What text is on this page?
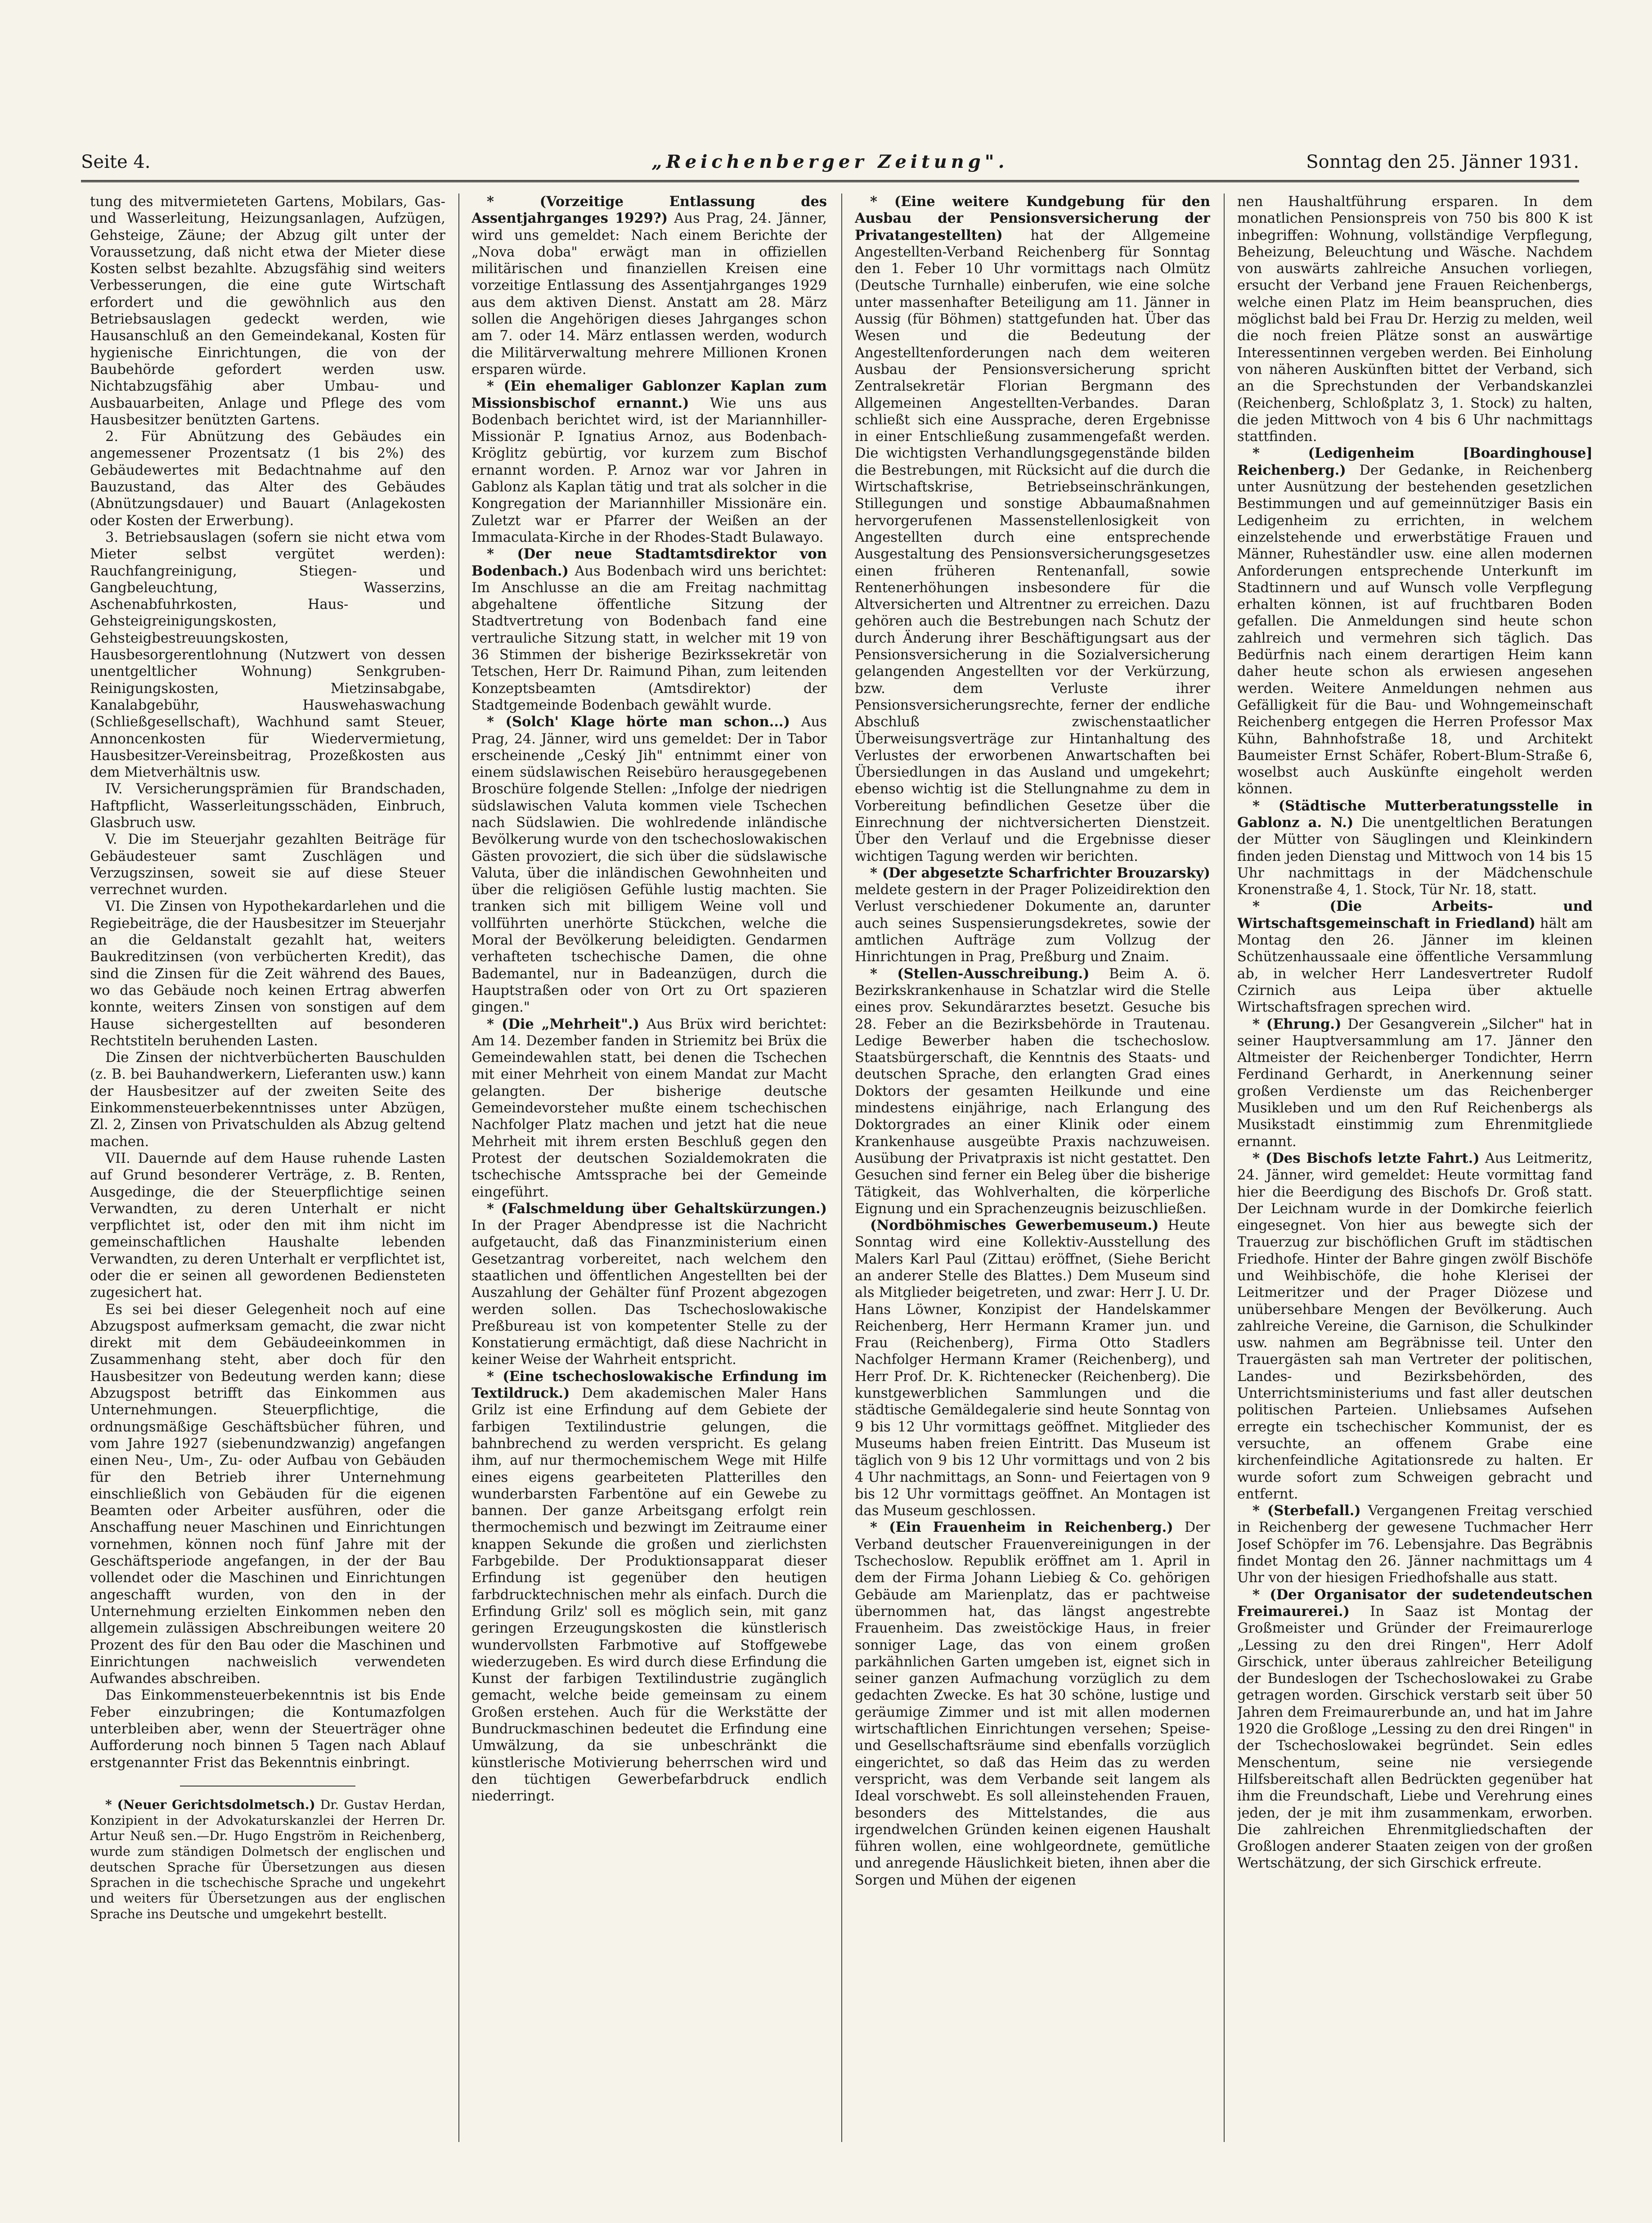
Seite 4.	„Reichenberger Zeitung".	Sonntag den 25. Jänner 1931.

tung des mitvermieteten Gartens, Mobilars, Gas- und Wasserleitung, Heizungsanlagen, Aufzügen, Gehsteige, Zäune; der Abzug gilt unter der Voraussetzung, daß nicht etwa der Mieter diese Kosten selbst bezahlte. Abzugsfähig sind weiters Verbesserungen, die eine gute Wirtschaft erfordert und die gewöhnlich aus den Betriebsauslagen gedeckt werden, wie Hausanschluß an den Gemeindekanal, Kosten für hygienische Einrichtungen, die von der Baubehörde gefordert werden usw. Nichtabzugsfähig aber Umbau- und Ausbauarbeiten, Anlage und Pflege des vom Hausbesitzer benützten Gartens.

2. Für Abnützung des Gebäudes ein angemessener Prozentsatz (1 bis 2%) des Gebäudewertes mit Bedachtnahme auf den Bauzustand, das Alter des Gebäudes (Abnützungsdauer) und Bauart (Anlagekosten oder Kosten der Erwerbung).

3. Betriebsauslagen (sofern sie nicht etwa vom Mieter selbst vergütet werden): Rauchfangreinigung, Stiegen- und Gangbeleuchtung, Wasserzins, Aschenabfuhrkosten, Haus- und Gehsteigreinigungskosten, Gehsteigbestreuungskosten, Hausbesorgerentlohnung (Nutzwert von dessen unentgeltlicher Wohnung) Senkgruben-Reinigungskosten, Mietzinsabgabe, Kanalabgebühr, Hauswehaswachung (Schließgesellschaft), Wachhund samt Steuer, Annoncenkosten für Wiedervermietung, Hausbesitzer-Vereinsbeitrag, Prozeßkosten aus dem Mietverhältnis usw.

IV. Versicherungsprämien für Brandschaden, Haftpflicht, Wasserleitungsschäden, Einbruch, Glasbruch usw.

V. Die im Steuerjahr gezahlten Beiträge für Gebäudesteuer samt Zuschlägen und Verzugszinsen, soweit sie auf diese Steuer verrechnet wurden.

VI. Die Zinsen von Hypothekardarlehen und die Regiebeiträge, die der Hausbesitzer im Steuerjahr an die Geldanstalt gezahlt hat, weiters Baukreditzinsen (von verbücherten Kredit), das sind die Zinsen für die Zeit während des Baues, wo das Gebäude noch keinen Ertrag abwerfen konnte, weiters Zinsen von sonstigen auf dem Hause sichergestellten auf besonderen Rechtstiteln beruhenden Lasten.

Die Zinsen der nichtverbücherten Bauschulden (z. B. bei Bauhandwerkern, Lieferanten usw.) kann der Hausbesitzer auf der zweiten Seite des Einkommensteuerbekenntnisses unter Abzügen, Zl. 2, Zinsen von Privatschulden als Abzug geltend machen.

VII. Dauernde auf dem Hause ruhende Lasten auf Grund besonderer Verträge, z. B. Renten, Ausgedinge, die der Steuerpflichtige seinen Verwandten, zu deren Unterhalt er nicht verpflichtet ist, oder den mit ihm nicht im gemeinschaftlichen Haushalte lebenden Verwandten, zu deren Unterhalt er verpflichtet ist, oder die er seinen all gewordenen Bediensteten zugesichert hat.

Es sei bei dieser Gelegenheit noch auf eine Abzugspost aufmerksam gemacht, die zwar nicht direkt mit dem Gebäudeeinkommen in Zusammenhang steht, aber doch für den Hausbesitzer von Bedeutung werden kann; diese Abzugspost betrifft das Einkommen aus Unternehmungen. Steuerpflichtige, die ordnungsmäßige Geschäftsbücher führen, und vom Jahre 1927 (siebenundzwanzig) angefangen einen Neu-, Um-, Zu- oder Aufbau von Gebäuden für den Betrieb ihrer Unternehmung einschließlich von Gebäuden für die eigenen Beamten oder Arbeiter ausführen, oder die Anschaffung neuer Maschinen und Einrichtungen vornehmen, können noch fünf Jahre mit der Geschäftsperiode angefangen, in der der Bau vollendet oder die Maschinen und Einrichtungen angeschafft wurden, von den in der Unternehmung erzielten Einkommen neben den allgemein zulässigen Abschreibungen weitere 20 Prozent des für den Bau oder die Maschinen und Einrichtungen nachweislich verwendeten Aufwandes abschreiben.

Das Einkommensteuerbekenntnis ist bis Ende Feber einzubringen; die Kontumazfolgen unterbleiben aber, wenn der Steuerträger ohne Aufforderung noch binnen 5 Tagen nach Ablauf erstgenannter Frist das Bekenntnis einbringt.

* (Neuer Gerichtsdolmetsch.) Dr. Gustav Herdan, Konzipient in der Advokaturskanzlei der Herren Dr. Artur Neuß sen.—Dr. Hugo Engström in Reichenberg, wurde zum ständigen Dolmetsch der englischen und deutschen Sprache für Übersetzungen aus diesen Sprachen in die tschechische Sprache und ungekehrt und weiters für Übersetzungen aus der englischen Sprache ins Deutsche und umgekehrt bestellt.

* (Vorzeitige Entlassung des Assentjahrganges 1929?) Aus Prag, 24. Jänner, wird uns gemeldet: Nach einem Berichte der „Nova doba" erwägt man in offiziellen militärischen und finanziellen Kreisen eine vorzeitige Entlassung des Assentjahrganges 1929 aus dem aktiven Dienst. Anstatt am 28. März sollen die Angehörigen dieses Jahrganges schon am 7. oder 14. März entlassen werden, wodurch die Militärverwaltung mehrere Millionen Kronen ersparen würde.

* (Ein ehemaliger Gablonzer Kaplan zum Missionsbischof ernannt.) Wie uns aus Bodenbach berichtet wird, ist der Mariannhiller-Missionär P. Ignatius Arnoz, aus Bodenbach-Kröglitz gebürtig, vor kurzem zum Bischof ernannt worden. P. Arnoz war vor Jahren in Gablonz als Kaplan tätig und trat als solcher in die Kongregation der Mariannhiller Missionäre ein. Zuletzt war er Pfarrer der Weißen an der Immaculata-Kirche in der Rhodes-Stadt Bulawayo.

* (Der neue Stadtamtsdirektor von Bodenbach.) Aus Bodenbach wird uns berichtet: Im Anschlusse an die am Freitag nachmittag abgehaltene öffentliche Sitzung der Stadtvertretung von Bodenbach fand eine vertrauliche Sitzung statt, in welcher mit 19 von 36 Stimmen der bisherige Bezirkssekretär von Tetschen, Herr Dr. Raimund Pihan, zum leitenden Konzeptsbeamten (Amtsdirektor) der Stadtgemeinde Bodenbach gewählt wurde.

* (Solch' Klage hörte man schon...) Aus Prag, 24. Jänner, wird uns gemeldet: Der in Tabor erscheinende „Ceský Jih" entnimmt einer von einem südslawischen Reisebüro herausgegebenen Broschüre folgende Stellen: „Infolge der niedrigen südslawischen Valuta kommen viele Tschechen nach Südslawien. Die wohlredende inländische Bevölkerung wurde von den tschechoslowakischen Gästen provoziert, die sich über die südslawische Valuta, über die inländischen Gewohnheiten und über die religiösen Gefühle lustig machten. Sie tranken sich mit billigem Weine voll und vollführten unerhörte Stückchen, welche die Moral der Bevölkerung beleidigten. Gendarmen verhafteten tschechische Damen, die ohne Bademantel, nur in Badeanzügen, durch die Hauptstraßen oder von Ort zu Ort spazieren gingen."

* (Die „Mehrheit".) Aus Brüx wird berichtet: Am 14. Dezember fanden in Striemitz bei Brüx die Gemeindewahlen statt, bei denen die Tschechen mit einer Mehrheit von einem Mandat zur Macht gelangten. Der bisherige deutsche Gemeindevorsteher mußte einem tschechischen Nachfolger Platz machen und jetzt hat die neue Mehrheit mit ihrem ersten Beschluß gegen den Protest der deutschen Sozialdemokraten die tschechische Amtssprache bei der Gemeinde eingeführt.

* (Falschmeldung über Gehaltskürzungen.) In der Prager Abendpresse ist die Nachricht aufgetaucht, daß das Finanzministerium einen Gesetzantrag vorbereitet, nach welchem den staatlichen und öffentlichen Angestellten bei der Auszahlung der Gehälter fünf Prozent abgezogen werden sollen. Das Tschechoslowakische Preßbureau ist von kompetenter Stelle zu der Konstatierung ermächtigt, daß diese Nachricht in keiner Weise der Wahrheit entspricht.

* (Eine tschechoslowakische Erfindung im Textildruck.) Dem akademischen Maler Hans Grilz ist eine Erfindung auf dem Gebiete der farbigen Textilindustrie gelungen, die bahnbrechend zu werden verspricht. Es gelang ihm, auf nur thermochemischem Wege mit Hilfe eines eigens gearbeiteten Platterilles den wunderbarsten Farbentöne auf ein Gewebe zu bannen. Der ganze Arbeitsgang erfolgt rein thermochemisch und bezwingt im Zeitraume einer knappen Sekunde die großen und zierlichsten Farbgebilde. Der Produktionsapparat dieser Erfindung ist gegenüber den heutigen farbdrucktechnischen mehr als einfach. Durch die Erfindung Grilz' soll es möglich sein, mit ganz geringen Erzeugungskosten die künstlerisch wundervollsten Farbmotive auf Stoffgewebe wiederzugeben. Es wird durch diese Erfindung die Kunst der farbigen Textilindustrie zugänglich gemacht, welche beide gemeinsam zu einem Großen erstehen. Auch für die Werkstätte der Bundruckmaschinen bedeutet die Erfindung eine Umwälzung, da sie unbeschränkt die künstlerische Motivierung beherrschen wird und den tüchtigen Gewerbefarbdruck endlich niederringt.

* (Eine weitere Kundgebung für den Ausbau der Pensionsversicherung der Privatangestellten) hat der Allgemeine Angestellten-Verband Reichenberg für Sonntag den 1. Feber 10 Uhr vormittags nach Olmütz (Deutsche Turnhalle) einberufen, wie eine solche unter massenhafter Beteiligung am 11. Jänner in Aussig (für Böhmen) stattgefunden hat. Über das Wesen und die Bedeutung der Angestelltenforderungen nach dem weiteren Ausbau der Pensionsversicherung spricht Zentralsekretär Florian Bergmann des Allgemeinen Angestellten-Verbandes. Daran schließt sich eine Aussprache, deren Ergebnisse in einer Entschließung zusammengefaßt werden. Die wichtigsten Verhandlungsgegenstände bilden die Bestrebungen, mit Rücksicht auf die durch die Wirtschaftskrise, Betriebseinschränkungen, Stillegungen und sonstige Abbaumaßnahmen hervorgerufenen Massenstellenlosigkeit von Angestellten durch eine entsprechende Ausgestaltung des Pensionsversicherungsgesetzes einen früheren Rentenanfall, sowie Rentenerhöhungen insbesondere für die Altversicherten und Altrentner zu erreichen. Dazu gehören auch die Bestrebungen nach Schutz der durch Änderung ihrer Beschäftigungsart aus der Pensionsversicherung in die Sozialversicherung gelangenden Angestellten vor der Verkürzung, bzw. dem Verluste ihrer Pensionsversicherungsrechte, ferner der endliche Abschluß zwischenstaatlicher Überweisungsverträge zur Hintanhaltung des Verlustes der erworbenen Anwartschaften bei Übersiedlungen in das Ausland und umgekehrt; ebenso wichtig ist die Stellungnahme zu dem in Vorbereitung befindlichen Gesetze über die Einrechnung der nichtversicherten Dienstzeit. Über den Verlauf und die Ergebnisse dieser wichtigen Tagung werden wir berichten.

* (Der abgesetzte Scharfrichter Brouzarsky) meldete gestern in der Prager Polizeidirektion den Verlust verschiedener Dokumente an, darunter auch seines Suspensierungsdekretes, sowie der amtlichen Aufträge zum Vollzug der Hinrichtungen in Prag, Preßburg und Znaim.

* (Stellen-Ausschreibung.) Beim A. ö. Bezirkskrankenhause in Schatzlar wird die Stelle eines prov. Sekundärarztes besetzt. Gesuche bis 28. Feber an die Bezirksbehörde in Trautenau. Ledige Bewerber haben die tschechoslow. Staatsbürgerschaft, die Kenntnis des Staats- und deutschen Sprache, den erlangten Grad eines Doktors der gesamten Heilkunde und eine mindestens einjährige, nach Erlangung des Doktorgrades an einer Klinik oder einem Krankenhause ausgeübte Praxis nachzuweisen. Ausübung der Privatpraxis ist nicht gestattet. Den Gesuchen sind ferner ein Beleg über die bisherige Tätigkeit, das Wohlverhalten, die körperliche Eignung und ein Sprachenzeugnis beizuschließen.

(Nordböhmisches Gewerbemuseum.) Heute Sonntag wird eine Kollektiv-Ausstellung des Malers Karl Paul (Zittau) eröffnet, (Siehe Bericht an anderer Stelle des Blattes.) Dem Museum sind als Mitglieder beigetreten, und zwar: Herr J. U. Dr. Hans Löwner, Konzipist der Handelskammer Reichenberg, Herr Hermann Kramer jun. und Frau (Reichenberg), Firma Otto Stadlers Nachfolger Hermann Kramer (Reichenberg), und Herr Prof. Dr. K. Richtenecker (Reichenberg). Die kunstgewerblichen Sammlungen und die städtische Gemäldegalerie sind heute Sonntag von 9 bis 12 Uhr vormittags geöffnet. Mitglieder des Museums haben freien Eintritt. Das Museum ist täglich von 9 bis 12 Uhr vormittags und von 2 bis 4 Uhr nachmittags, an Sonn- und Feiertagen von 9 bis 12 Uhr vormittags geöffnet. An Montagen ist das Museum geschlossen.

* (Ein Frauenheim in Reichenberg.) Der Verband deutscher Frauenvereinigungen in der Tschechoslow. Republik eröffnet am 1. April in dem der Firma Johann Liebieg & Co. gehörigen Gebäude am Marienplatz, das er pachtweise übernommen hat, das längst angestrebte Frauenheim. Das zweistöckige Haus, in freier sonniger Lage, das von einem großen parkähnlichen Garten umgeben ist, eignet sich in seiner ganzen Aufmachung vorzüglich zu dem gedachten Zwecke. Es hat 30 schöne, lustige und geräumige Zimmer und ist mit allen modernen wirtschaftlichen Einrichtungen versehen; Speise- und Gesellschaftsräume sind ebenfalls vorzüglich eingerichtet, so daß das Heim das zu werden verspricht, was dem Verbande seit langem als Ideal vorschwebt. Es soll alleinstehenden Frauen, besonders des Mittelstandes, die aus irgendwelchen Gründen keinen eigenen Haushalt führen wollen, eine wohlgeordnete, gemütliche und anregende Häuslichkeit bieten, ihnen aber die Sorgen und Mühen der eigenen

nen Haushaltführung ersparen. In dem monatlichen Pensionspreis von 750 bis 800 K ist inbegriffen: Wohnung, vollständige Verpflegung, Beheizung, Beleuchtung und Wäsche. Nachdem von auswärts zahlreiche Ansuchen vorliegen, ersucht der Verband jene Frauen Reichenbergs, welche einen Platz im Heim beanspruchen, dies möglichst bald bei Frau Dr. Herzig zu melden, weil die noch freien Plätze sonst an auswärtige Interessentinnen vergeben werden. Bei Einholung von näheren Auskünften bittet der Verband, sich an die Sprechstunden der Verbandskanzlei (Reichenberg, Schloßplatz 3, 1. Stock) zu halten, die jeden Mittwoch von 4 bis 6 Uhr nachmittags stattfinden.

* (Ledigenheim [Boardinghouse] Reichenberg.) Der Gedanke, in Reichenberg unter Ausnützung der bestehenden gesetzlichen Bestimmungen und auf gemeinnütziger Basis ein Ledigenheim zu errichten, in welchem einzelstehende und erwerbstätige Frauen und Männer, Ruheständler usw. eine allen modernen Anforderungen entsprechende Unterkunft im Stadtinnern und auf Wunsch volle Verpflegung erhalten können, ist auf fruchtbaren Boden gefallen. Die Anmeldungen sind heute schon zahlreich und vermehren sich täglich. Das Bedürfnis nach einem derartigen Heim kann daher heute schon als erwiesen angesehen werden. Weitere Anmeldungen nehmen aus Gefälligkeit für die Bau- und Wohngemeinschaft Reichenberg entgegen die Herren Professor Max Kühn, Bahnhofstraße 18, und Architekt Baumeister Ernst Schäfer, Robert-Blum-Straße 6, woselbst auch Auskünfte eingeholt werden können.

* (Städtische Mutterberatungsstelle in Gablonz a. N.) Die unentgeltlichen Beratungen der Mütter von Säuglingen und Kleinkindern finden jeden Dienstag und Mittwoch von 14 bis 15 Uhr nachmittags in der Mädchenschule Kronenstraße 4, 1. Stock, Tür Nr. 18, statt.

* (Die Arbeits- und Wirtschaftsgemeinschaft in Friedland) hält am Montag den 26. Jänner im kleinen Schützenhaussaale eine öffentliche Versammlung ab, in welcher Herr Landesvertreter Rudolf Czirnich aus Leipa über aktuelle Wirtschaftsfragen sprechen wird.

* (Ehrung.) Der Gesangverein „Silcher" hat in seiner Hauptversammlung am 17. Jänner den Altmeister der Reichenberger Tondichter, Herrn Ferdinand Gerhardt, in Anerkennung seiner großen Verdienste um das Reichenberger Musikleben und um den Ruf Reichenbergs als Musikstadt einstimmig zum Ehrenmitgliede ernannt.

* (Des Bischofs letzte Fahrt.) Aus Leitmeritz, 24. Jänner, wird gemeldet: Heute vormittag fand hier die Beerdigung des Bischofs Dr. Groß statt. Der Leichnam wurde in der Domkirche feierlich eingesegnet. Von hier aus bewegte sich der Trauerzug zur bischöflichen Gruft im städtischen Friedhofe. Hinter der Bahre gingen zwölf Bischöfe und Weihbischöfe, die hohe Klerisei der Leitmeritzer und der Prager Diözese und unübersehbare Mengen der Bevölkerung. Auch zahlreiche Vereine, die Garnison, die Schulkinder usw. nahmen am Begräbnisse teil. Unter den Trauergästen sah man Vertreter der politischen, Landes- und Bezirksbehörden, des Unterrichtsministeriums und fast aller deutschen politischen Parteien. Unliebsames Aufsehen erregte ein tschechischer Kommunist, der es versuchte, an offenem Grabe eine kirchenfeindliche Agitationsrede zu halten. Er wurde sofort zum Schweigen gebracht und entfernt.

* (Sterbefall.) Vergangenen Freitag verschied in Reichenberg der gewesene Tuchmacher Herr Josef Schöpfer im 76. Lebensjahre. Das Begräbnis findet Montag den 26. Jänner nachmittags um 4 Uhr von der hiesigen Friedhofshalle aus statt.

* (Der Organisator der sudetendeutschen Freimaurerei.) In Saaz ist Montag der Großmeister und Gründer der Freimaurerloge „Lessing zu den drei Ringen", Herr Adolf Girschick, unter überaus zahlreicher Beteiligung der Bundeslogen der Tschechoslowakei zu Grabe getragen worden. Girschick verstarb seit über 50 Jahren dem Freimaurerbunde an, und hat im Jahre 1920 die Großloge „Lessing zu den drei Ringen" in der Tschechoslowakei begründet. Sein edles Menschentum, seine nie versiegende Hilfsbereitschaft allen Bedrückten gegenüber hat ihm die Freundschaft, Liebe und Verehrung eines jeden, der je mit ihm zusammenkam, erworben. Die zahlreichen Ehrenmitgliedschaften der Großlogen anderer Staaten zeigen von der großen Wertschätzung, der sich Girschick erfreute.
